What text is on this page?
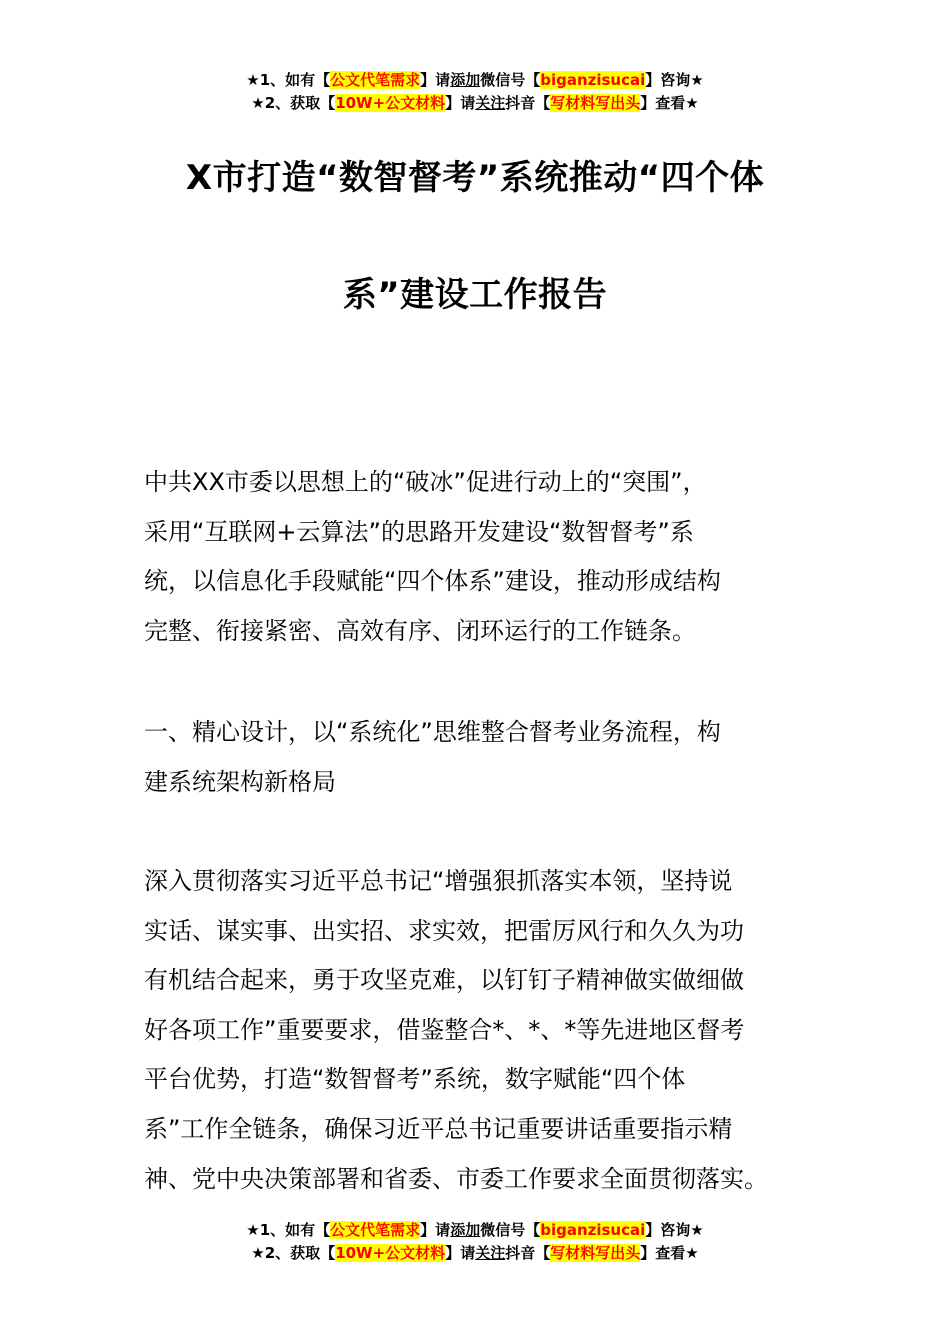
★1、如有【公文代笔需求】请添加微信号【biganzisucai】咨询★
★2、获取【10W+公文材料】请关注抖音【写材料写出头】查看★
X市打造“数智督考”系统推动“四个体
系”建设工作报告

中共XX市委以思想上的“破冰”促进行动上的“突围”，
采用“互联网+云算法”的思路开发建设“数智督考”系
统，以信息化手段赋能“四个体系”建设，推动形成结构
完整、衔接紧密、高效有序、闭环运行的工作链条。

一、精心设计，以“系统化”思维整合督考业务流程，构
建系统架构新格局

深入贯彻落实习近平总书记“增强狠抓落实本领，坚持说
实话、谋实事、出实招、求实效，把雷厉风行和久久为功
有机结合起来，勇于攻坚克难，以钉钉子精神做实做细做
好各项工作”重要要求，借鉴整合*、*、*等先进地区督考
平台优势，打造“数智督考”系统，数字赋能“四个体
系”工作全链条，确保习近平总书记重要讲话重要指示精
神、党中央决策部署和省委、市委工作要求全面贯彻落实。

★1、如有【公文代笔需求】请添加微信号【biganzisucai】咨询★
★2、获取【10W+公文材料】请关注抖音【写材料写出头】查看★
